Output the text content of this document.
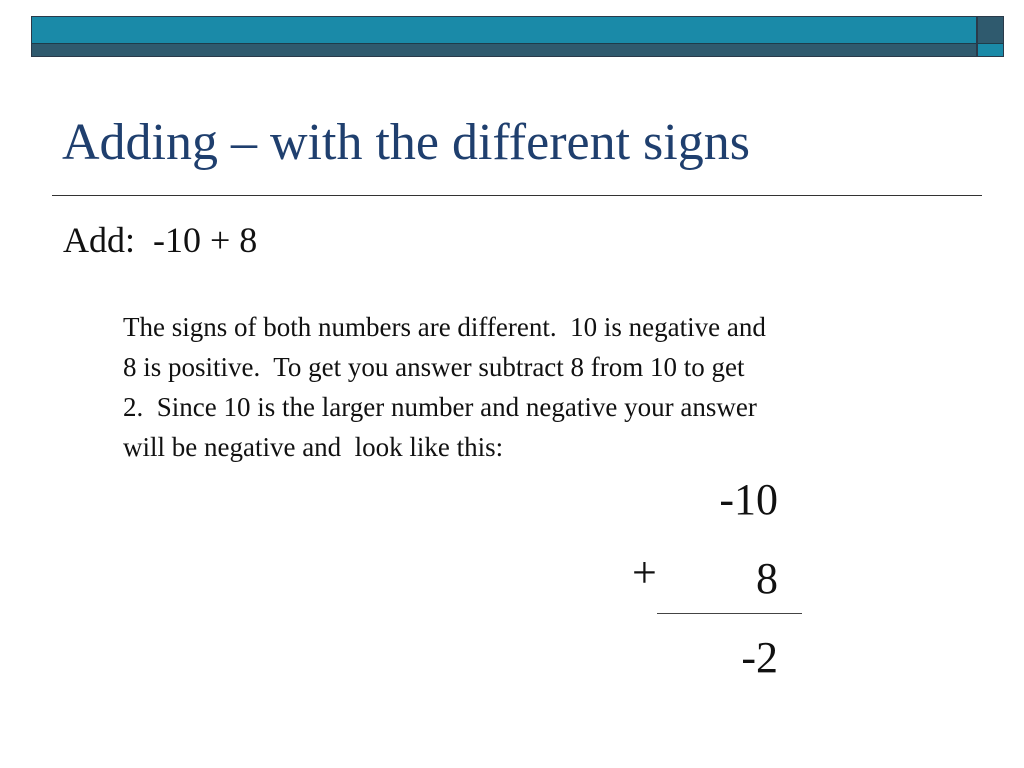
Adding – with the different signs
Add:  -10 + 8

The signs of both numbers are different.  10 is negative and
8 is positive.  To get you answer subtract 8 from 10 to get
2.  Since 10 is the larger number and negative your answer
will be negative and  look like this:

-10
+ 8
-2
